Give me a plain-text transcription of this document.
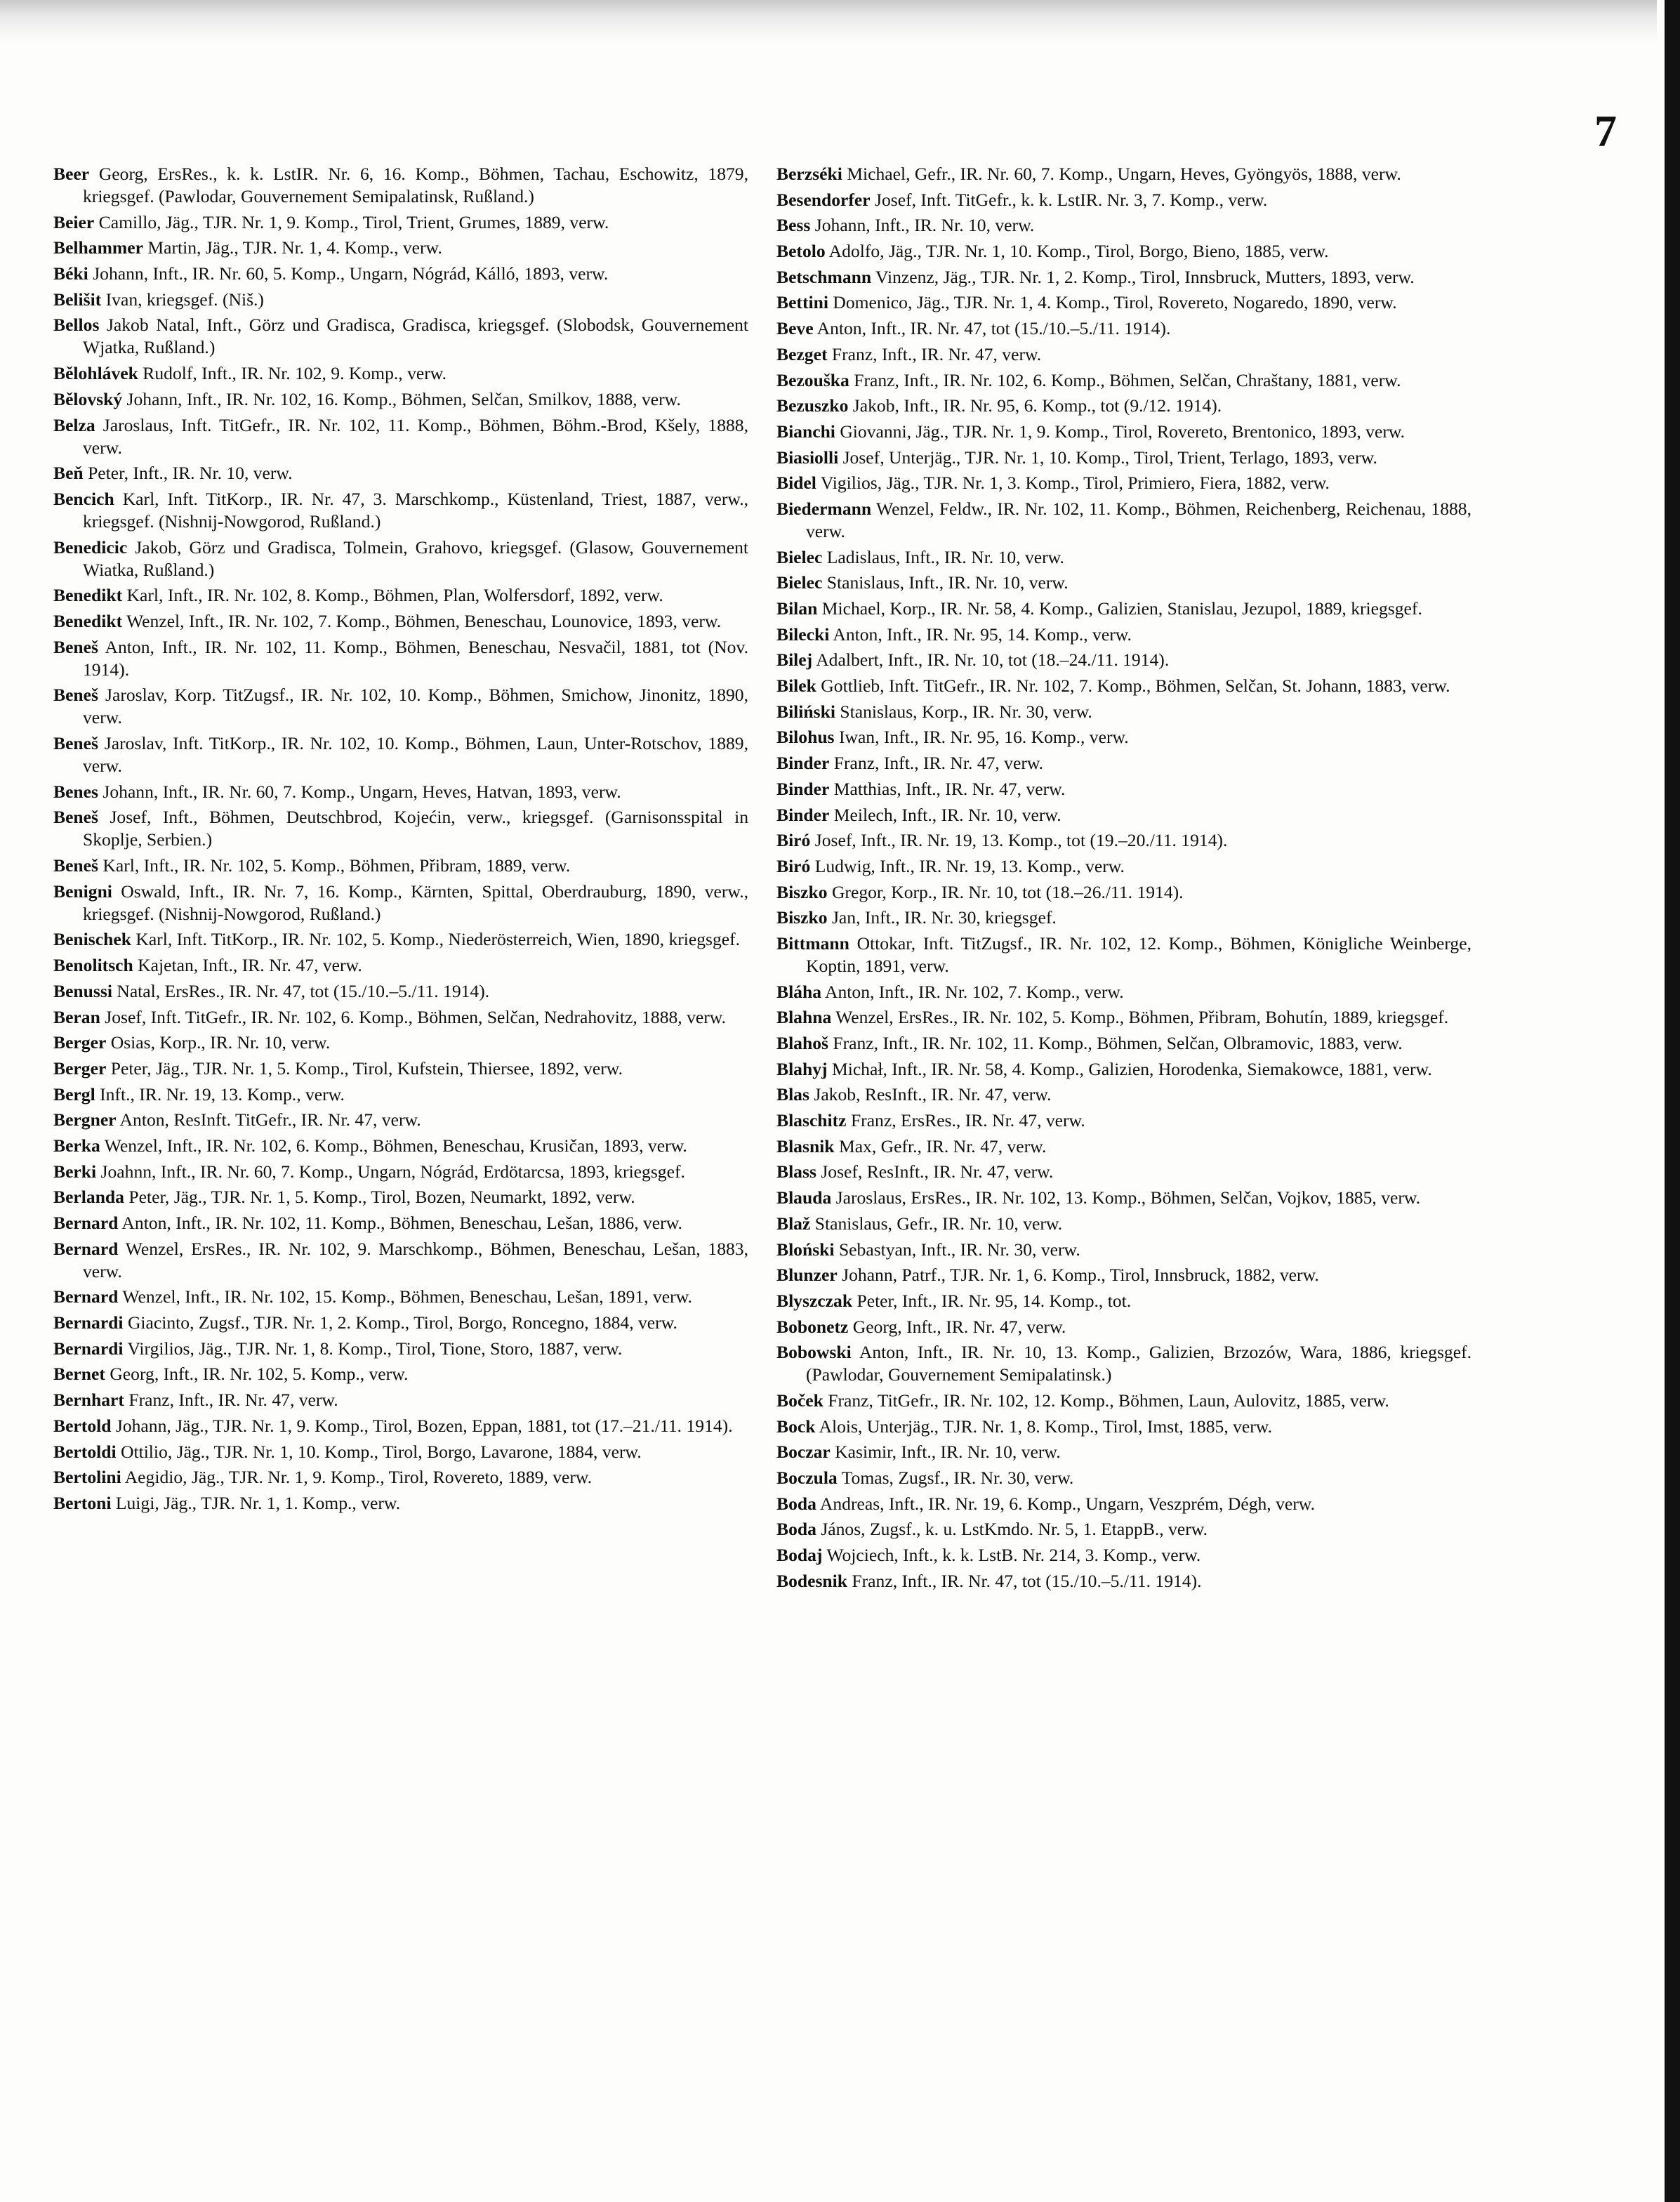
7

Beer Georg, ErsRes., k. k. LstIR. Nr. 6, 16. Komp., Böhmen, Tachau, Eschowitz, 1879, kriegsgef. (Pawlodar, Gouvernement Semipalatinsk, Rußland.)

Beier Camillo, Jäg., TJR. Nr. 1, 9. Komp., Tirol, Trient, Grumes, 1889, verw.

Belhammer Martin, Jäg., TJR. Nr. 1, 4. Komp., verw.

Béki Johann, Inft., IR. Nr. 60, 5. Komp., Ungarn, Nógrád, Kálló, 1893, verw.

Belišit Ivan, kriegsgef. (Niš.)

Bellos Jakob Natal, Inft., Görz und Gradisca, Gradisca, kriegsgef. (Slobodsk, Gouvernement Wjatka, Rußland.)

Bělohlávek Rudolf, Inft., IR. Nr. 102, 9. Komp., verw.

Bělovský Johann, Inft., IR. Nr. 102, 16. Komp., Böhmen, Selčan, Smilkov, 1888, verw.

Belza Jaroslaus, Inft. TitGefr., IR. Nr. 102, 11. Komp., Böhmen, Böhm.-Brod, Kšely, 1888, verw.

Beň Peter, Inft., IR. Nr. 10, verw.

Bencich Karl, Inft. TitKorp., IR. Nr. 47, 3. Marschkomp., Küstenland, Triest, 1887, verw., kriegsgef. (Nishnij-Nowgorod, Rußland.)

Benedicic Jakob, Görz und Gradisca, Tolmein, Grahovo, kriegsgef. (Glasow, Gouvernement Wiatka, Rußland.)

Benedikt Karl, Inft., IR. Nr. 102, 8. Komp., Böhmen, Plan, Wolfersdorf, 1892, verw.

Benedikt Wenzel, Inft., IR. Nr. 102, 7. Komp., Böhmen, Beneschau, Lounovice, 1893, verw.

Beneš Anton, Inft., IR. Nr. 102, 11. Komp., Böhmen, Beneschau, Nesvačil, 1881, tot (Nov. 1914).

Beneš Jaroslav, Korp. TitZugsf., IR. Nr. 102, 10. Komp., Böhmen, Smichow, Jinonitz, 1890, verw.

Beneš Jaroslav, Inft. TitKorp., IR. Nr. 102, 10. Komp., Böhmen, Laun, Unter-Rotschov, 1889, verw.

Benes Johann, Inft., IR. Nr. 60, 7. Komp., Ungarn, Heves, Hatvan, 1893, verw.

Beneš Josef, Inft., Böhmen, Deutschbrod, Kojećin, verw., kriegsgef. (Garnisonsspital in Skoplje, Serbien.)

Beneš Karl, Inft., IR. Nr. 102, 5. Komp., Böhmen, Přibram, 1889, verw.

Benigni Oswald, Inft., IR. Nr. 7, 16. Komp., Kärnten, Spittal, Oberdrauburg, 1890, verw., kriegsgef. (Nishnij-Nowgorod, Rußland.)

Benischek Karl, Inft. TitKorp., IR. Nr. 102, 5. Komp., Niederösterreich, Wien, 1890, kriegsgef.

Benolitsch Kajetan, Inft., IR. Nr. 47, verw.

Benussi Natal, ErsRes., IR. Nr. 47, tot (15./10.–5./11. 1914).

Beran Josef, Inft. TitGefr., IR. Nr. 102, 6. Komp., Böhmen, Selčan, Nedrahovitz, 1888, verw.

Berger Osias, Korp., IR. Nr. 10, verw.

Berger Peter, Jäg., TJR. Nr. 1, 5. Komp., Tirol, Kufstein, Thiersee, 1892, verw.

Bergl Inft., IR. Nr. 19, 13. Komp., verw.

Bergner Anton, ResInft. TitGefr., IR. Nr. 47, verw.

Berka Wenzel, Inft., IR. Nr. 102, 6. Komp., Böhmen, Beneschau, Krusičan, 1893, verw.

Berki Joahnn, Inft., IR. Nr. 60, 7. Komp., Ungarn, Nógrád, Erdötarcsa, 1893, kriegsgef.

Berlanda Peter, Jäg., TJR. Nr. 1, 5. Komp., Tirol, Bozen, Neumarkt, 1892, verw.

Bernard Anton, Inft., IR. Nr. 102, 11. Komp., Böhmen, Beneschau, Lešan, 1886, verw.

Bernard Wenzel, ErsRes., IR. Nr. 102, 9. Marschkomp., Böhmen, Beneschau, Lešan, 1883, verw.

Bernard Wenzel, Inft., IR. Nr. 102, 15. Komp., Böhmen, Beneschau, Lešan, 1891, verw.

Bernardi Giacinto, Zugsf., TJR. Nr. 1, 2. Komp., Tirol, Borgo, Roncegno, 1884, verw.

Bernardi Virgilios, Jäg., TJR. Nr. 1, 8. Komp., Tirol, Tione, Storo, 1887, verw.

Bernet Georg, Inft., IR. Nr. 102, 5. Komp., verw.

Bernhart Franz, Inft., IR. Nr. 47, verw.

Bertold Johann, Jäg., TJR. Nr. 1, 9. Komp., Tirol, Bozen, Eppan, 1881, tot (17.–21./11. 1914).

Bertoldi Ottilio, Jäg., TJR. Nr. 1, 10. Komp., Tirol, Borgo, Lavarone, 1884, verw.

Bertolini Aegidio, Jäg., TJR. Nr. 1, 9. Komp., Tirol, Rovereto, 1889, verw.

Bertoni Luigi, Jäg., TJR. Nr. 1, 1. Komp., verw.

Berzséki Michael, Gefr., IR. Nr. 60, 7. Komp., Ungarn, Heves, Gyöngyös, 1888, verw.

Besendorfer Josef, Inft. TitGefr., k. k. LstIR. Nr. 3, 7. Komp., verw.

Bess Johann, Inft., IR. Nr. 10, verw.

Betolo Adolfo, Jäg., TJR. Nr. 1, 10. Komp., Tirol, Borgo, Bieno, 1885, verw.

Betschmann Vinzenz, Jäg., TJR. Nr. 1, 2. Komp., Tirol, Innsbruck, Mutters, 1893, verw.

Bettini Domenico, Jäg., TJR. Nr. 1, 4. Komp., Tirol, Rovereto, Nogaredo, 1890, verw.

Beve Anton, Inft., IR. Nr. 47, tot (15./10.–5./11. 1914).

Bezget Franz, Inft., IR. Nr. 47, verw.

Bezouška Franz, Inft., IR. Nr. 102, 6. Komp., Böhmen, Selčan, Chraštany, 1881, verw.

Bezuszko Jakob, Inft., IR. Nr. 95, 6. Komp., tot (9./12. 1914).

Bianchi Giovanni, Jäg., TJR. Nr. 1, 9. Komp., Tirol, Rovereto, Brentonico, 1893, verw.

Biasiolli Josef, Unterjäg., TJR. Nr. 1, 10. Komp., Tirol, Trient, Terlago, 1893, verw.

Bidel Vigilios, Jäg., TJR. Nr. 1, 3. Komp., Tirol, Primiero, Fiera, 1882, verw.

Biedermann Wenzel, Feldw., IR. Nr. 102, 11. Komp., Böhmen, Reichenberg, Reichenau, 1888, verw.

Bielec Ladislaus, Inft., IR. Nr. 10, verw.

Bielec Stanislaus, Inft., IR. Nr. 10, verw.

Bilan Michael, Korp., IR. Nr. 58, 4. Komp., Galizien, Stanislau, Jezupol, 1889, kriegsgef.

Bilecki Anton, Inft., IR. Nr. 95, 14. Komp., verw.

Bilej Adalbert, Inft., IR. Nr. 10, tot (18.–24./11. 1914).

Bilek Gottlieb, Inft. TitGefr., IR. Nr. 102, 7. Komp., Böhmen, Selčan, St. Johann, 1883, verw.

Biliński Stanislaus, Korp., IR. Nr. 30, verw.

Bilohus Iwan, Inft., IR. Nr. 95, 16. Komp., verw.

Binder Franz, Inft., IR. Nr. 47, verw.

Binder Matthias, Inft., IR. Nr. 47, verw.

Binder Meilech, Inft., IR. Nr. 10, verw.

Biró Josef, Inft., IR. Nr. 19, 13. Komp., tot (19.–20./11. 1914).

Biró Ludwig, Inft., IR. Nr. 19, 13. Komp., verw.

Biszko Gregor, Korp., IR. Nr. 10, tot (18.–26./11. 1914).

Biszko Jan, Inft., IR. Nr. 30, kriegsgef.

Bittmann Ottokar, Inft. TitZugsf., IR. Nr. 102, 12. Komp., Böhmen, Königliche Weinberge, Koptin, 1891, verw.

Bláha Anton, Inft., IR. Nr. 102, 7. Komp., verw.

Blahna Wenzel, ErsRes., IR. Nr. 102, 5. Komp., Böhmen, Přibram, Bohutín, 1889, kriegsgef.

Blahoš Franz, Inft., IR. Nr. 102, 11. Komp., Böhmen, Selčan, Olbramovic, 1883, verw.

Blahyj Michał, Inft., IR. Nr. 58, 4. Komp., Galizien, Horodenka, Siemakowce, 1881, verw.

Blas Jakob, ResInft., IR. Nr. 47, verw.

Blaschitz Franz, ErsRes., IR. Nr. 47, verw.

Blasnik Max, Gefr., IR. Nr. 47, verw.

Blass Josef, ResInft., IR. Nr. 47, verw.

Blauda Jaroslaus, ErsRes., IR. Nr. 102, 13. Komp., Böhmen, Selčan, Vojkov, 1885, verw.

Blaž Stanislaus, Gefr., IR. Nr. 10, verw.

Bloński Sebastyan, Inft., IR. Nr. 30, verw.

Blunzer Johann, Patrf., TJR. Nr. 1, 6. Komp., Tirol, Innsbruck, 1882, verw.

Blyszczak Peter, Inft., IR. Nr. 95, 14. Komp., tot.

Bobonetz Georg, Inft., IR. Nr. 47, verw.

Bobowski Anton, Inft., IR. Nr. 10, 13. Komp., Galizien, Brzozów, Wara, 1886, kriegsgef. (Pawlodar, Gouvernement Semipalatinsk.)

Boček Franz, TitGefr., IR. Nr. 102, 12. Komp., Böhmen, Laun, Aulovitz, 1885, verw.

Bock Alois, Unterjäg., TJR. Nr. 1, 8. Komp., Tirol, Imst, 1885, verw.

Boczar Kasimir, Inft., IR. Nr. 10, verw.

Boczula Tomas, Zugsf., IR. Nr. 30, verw.

Boda Andreas, Inft., IR. Nr. 19, 6. Komp., Ungarn, Veszprém, Dégh, verw.

Boda János, Zugsf., k. u. LstKmdo. Nr. 5, 1. EtappB., verw.

Bodaj Wojciech, Inft., k. k. LstB. Nr. 214, 3. Komp., verw.

Bodesnik Franz, Inft., IR. Nr. 47, tot (15./10.–5./11. 1914).
